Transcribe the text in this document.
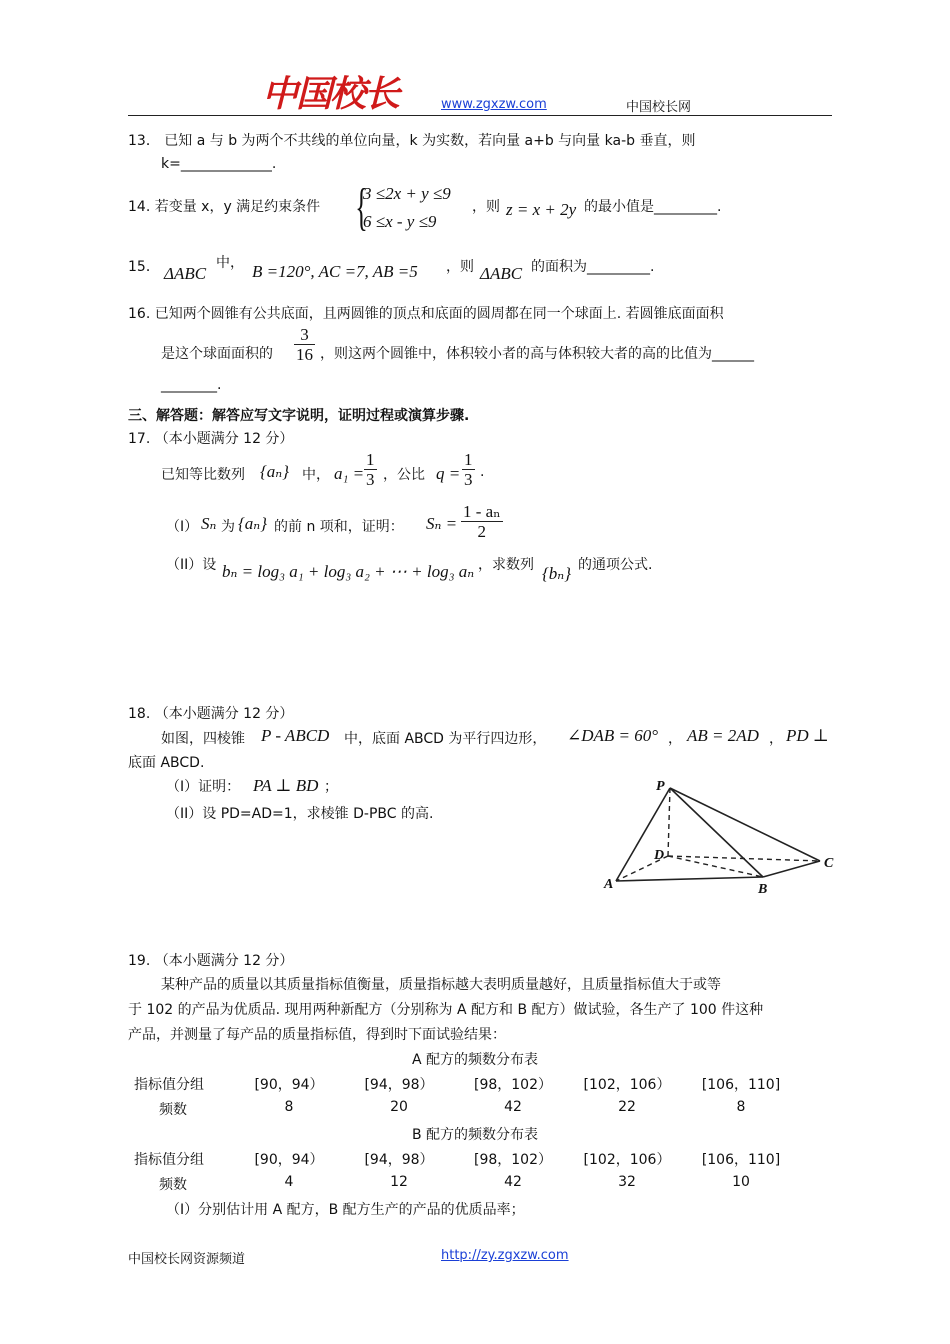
中国校长	www.zgxzw.com	中国校长网
13． 已知 a 与 b 为两个不共线的单位向量，k 为实数，若向量 a+b 与向量 ka-b 垂直，则
k=_____________.
14. 若变量 x，y 满足约束条件 {
3 ≤2x + y ≤9
6 ≤x - y ≤9
，则 z = x + 2y 的最小值是_________.
15． ΔABC
中， B =120°, AC =7, AB =5 ，则 ΔABC 的面积为_________.
16. 已知两个圆锥有公共底面，且两圆锥的顶点和底面的圆周都在同一个球面上. 若圆锥底面面积
是这个球面面积的 $\frac{3}{16}$ ，则这两个圆锥中，体积较小者的高与体积较大者的高的比值为______
________.
三、解答题：解答应写文字说明，证明过程或演算步骤.
17. （本小题满分 12 分）
已知等比数列 {aₙ} 中， $a_1 = \frac{1}{3}$ ，公比 $q = \frac{1}{3}$ .
（I） Sₙ 为 {aₙ} 的前 n 项和，证明： $S_n = \frac{\text{1 - aₙ}}{2}$
（II）设 bₙ = log₃ a₁ + log₃ a₂ + ⋯ + log₃ aₙ ，求数列 {bₙ} 的通项公式.
18. （本小题满分 12 分）
如图，四棱锥 P - ABCD 中，底面 ABCD 为平行四边形， ∠DAB = 60° ， AB = 2AD ， PD ⊥
底面 ABCD.
（I）证明： PA ⊥ BD ；
（II）设 PD=AD=1，求棱锥 D-PBC 的高.
P
A	B
C
D
19. （本小题满分 12 分）
某种产品的质量以其质量指标值衡量，质量指标越大表明质量越好，且质量指标值大于或等
于 102 的产品为优质品. 现用两种新配方（分别称为 A 配方和 B 配方）做试验，各生产了 100 件这种
产品，并测量了每产品的质量指标值，得到时下面试验结果：
A 配方的频数分布表
指标值分组	[90，94）	[94，98）	[98，102）	[102，106）	[106，110]
频数	8	20	42	22	8
B 配方的频数分布表
指标值分组	[90，94）	[94，98）	[98，102）	[102，106）	[106，110]
频数	4	12	42	32	10
（I）分别估计用 A 配方，B 配方生产的产品的优质品率；
中国校长网资源频道	http://zy.zgxzw.com
